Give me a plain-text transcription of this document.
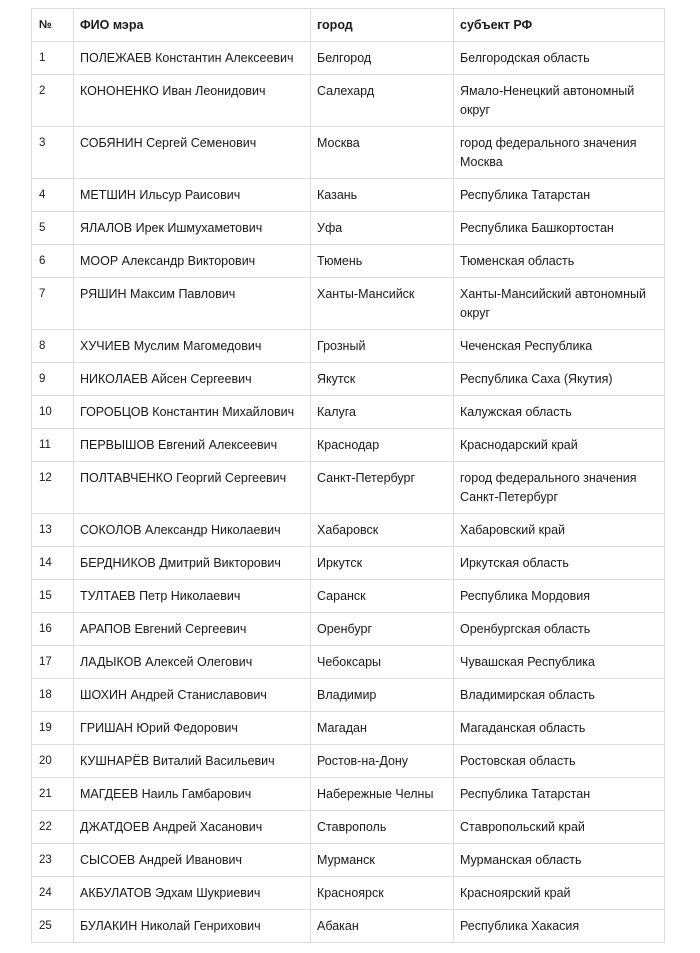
№	ФИО мэра	город	субъект РФ
1	ПОЛЕЖАЕВ Константин Алексеевич	Белгород	Белгородская область
2	КОНОНЕНКО Иван Леонидович	Салехард	Ямало-Ненецкий автономный округ
3	СОБЯНИН Сергей Семенович	Москва	город федерального значения Москва
4	МЕТШИН Ильсур Раисович	Казань	Республика Татарстан
5	ЯЛАЛОВ Ирек Ишмухаметович	Уфа	Республика Башкортостан
6	МООР Александр Викторович	Тюмень	Тюменская область
7	РЯШИН Максим Павлович	Ханты-Мансийск	Ханты-Мансийский автономный округ
8	ХУЧИЕВ Муслим Магомедович	Грозный	Чеченская Республика
9	НИКОЛАЕВ Айсен Сергеевич	Якутск	Республика Саха (Якутия)
10	ГОРОБЦОВ Константин Михайлович	Калуга	Калужская область
11	ПЕРВЫШОВ Евгений Алексеевич	Краснодар	Краснодарский край
12	ПОЛТАВЧЕНКО Георгий Сергеевич	Санкт-Петербург	город федерального значения Санкт-Петербург
13	СОКОЛОВ Александр Николаевич	Хабаровск	Хабаровский край
14	БЕРДНИКОВ Дмитрий Викторович	Иркутск	Иркутская область
15	ТУЛТАЕВ Петр Николаевич	Саранск	Республика Мордовия
16	АРАПОВ Евгений Сергеевич	Оренбург	Оренбургская область
17	ЛАДЫКОВ Алексей Олегович	Чебоксары	Чувашская Республика
18	ШОХИН Андрей Станиславович	Владимир	Владимирская область
19	ГРИШАН Юрий Федорович	Магадан	Магаданская область
20	КУШНАРЁВ Виталий Васильевич	Ростов-на-Дону	Ростовская область
21	МАГДЕЕВ Наиль Гамбарович	Набережные Челны	Республика Татарстан
22	ДЖАТДОЕВ Андрей Хасанович	Ставрополь	Ставропольский край
23	СЫСОЕВ Андрей Иванович	Мурманск	Мурманская область
24	АКБУЛАТОВ Эдхам Шукриевич	Красноярск	Красноярский край
25	БУЛАКИН Николай Генрихович	Абакан	Республика Хакасия
